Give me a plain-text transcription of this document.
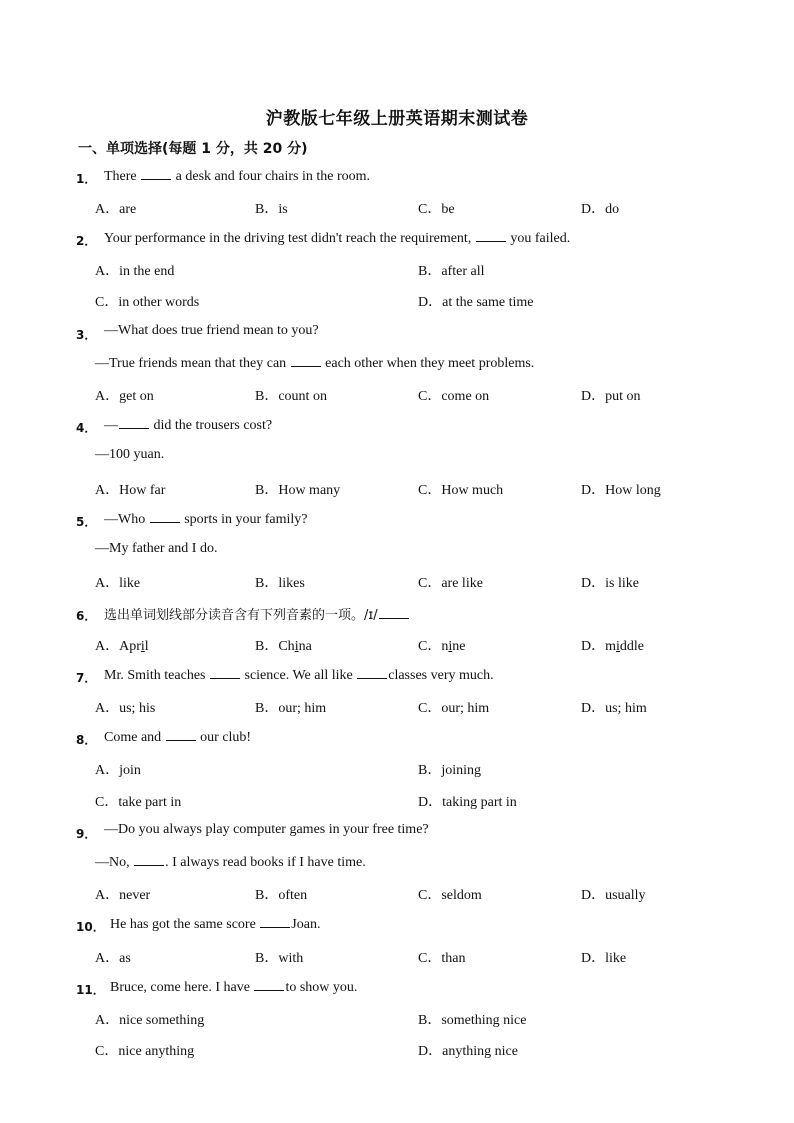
沪教版七年级上册英语期末测试卷
一、单项选择(每题 1 分，共 20 分)
1． There  a desk and four chairs in the room.
A．are	B．is	C．be	D．do
2． Your performance in the driving test didn't reach the requirement,  you failed.
A．in the end	B．after all
C．in other words	D．at the same time
3． —What does true friend mean to you?
—True friends mean that they can  each other when they meet problems.
A．get on	B．count on	C．come on	D．put on
4． — did the trousers cost?
—100 yuan.
A．How far	B．How many	C．How much	D．How long
5． —Who  sports in your family?
—My father and I do.
A．like	B．likes	C．are like	D．is like
6． 选出单词划线部分读音含有下列音素的一项。/ɪ/
A．April	B．China	C．nine	D．middle
7． Mr. Smith teaches  science. We all like classes very much.
A．us; his	B．our; him	C．our; him	D．us; him
8． Come and  our club!
A．join	B．joining
C．take part in	D．taking part in
9． —Do you always play computer games in your free time?
—No, . I always read books if I have time.
A．never	B．often	C．seldom	D．usually
10． He has got the same score Joan.
A．as	B．with	C．than	D．like
11． Bruce, come here. I have to show you.
A．nice something	B．something nice
C．nice anything	D．anything nice
